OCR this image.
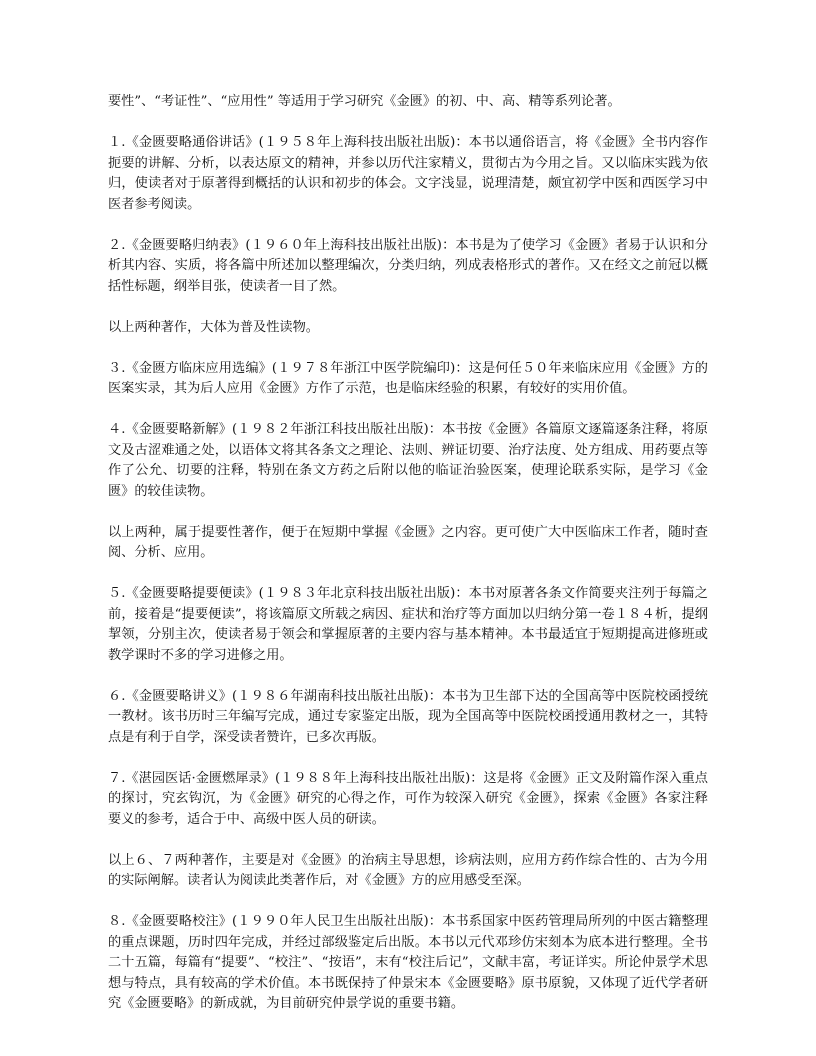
要性”、“考证性”、“应用性” 等适用于学习研究《金匮》的初、中、高、精等系列论著。

１.《金匮要略通俗讲话》(１９５８年上海科技出版社出版)：本书以通俗语言，将《金匮》全书内容作扼要的讲解、分析，以表达原文的精神，并参以历代注家精义，贯彻古为今用之旨。又以临床实践为依归，使读者对于原著得到概括的认识和初步的体会。文字浅显，说理清楚，颇宜初学中医和西医学习中医者参考阅读。

２.《金匮要略归纳表》(１９６０年上海科技出版社出版)：本书是为了使学习《金匮》者易于认识和分析其内容、实质，将各篇中所述加以整理编次，分类归纳，列成表格形式的著作。又在经文之前冠以概括性标题，纲举目张，使读者一目了然。

以上两种著作，大体为普及性读物。

３.《金匮方临床应用选编》(１９７８年浙江中医学院编印)：这是何任５０年来临床应用《金匮》方的医案实录，其为后人应用《金匮》方作了示范，也是临床经验的积累，有较好的实用价值。

４.《金匮要略新解》(１９８２年浙江科技出版社出版)：本书按《金匮》各篇原文逐篇逐条注释，将原文及古涩难通之处，以语体文将其各条文之理论、法则、辨证切要、治疗法度、处方组成、用药要点等作了公允、切要的注释，特别在条文方药之后附以他的临证治验医案，使理论联系实际，是学习《金匮》的较佳读物。

以上两种，属于提要性著作，便于在短期中掌握《金匮》之内容。更可使广大中医临床工作者，随时查阅、分析、应用。

５.《金匮要略提要便读》(１９８３年北京科技出版社出版)：本书对原著各条文作简要夹注列于每篇之前，接着是“提要便读”，将该篇原文所载之病因、症状和治疗等方面加以归纳分第一卷１８４析，提纲挈领，分别主次，使读者易于领会和掌握原著的主要内容与基本精神。本书最适宜于短期提高进修班或教学课时不多的学习进修之用。

６.《金匮要略讲义》(１９８６年湖南科技出版社出版)：本书为卫生部下达的全国高等中医院校函授统一教材。该书历时三年编写完成，通过专家鉴定出版，现为全国高等中医院校函授通用教材之一，其特点是有利于自学，深受读者赞许，已多次再版。

７.《湛园医话·金匮燃犀录》(１９８８年上海科技出版社出版)：这是将《金匮》正文及附篇作深入重点的探讨，究玄钩沉，为《金匮》研究的心得之作，可作为较深入研究《金匮》，探索《金匮》各家注释要义的参考，适合于中、高级中医人员的研读。

以上６、７两种著作，主要是对《金匮》的治病主导思想，诊病法则，应用方药作综合性的、古为今用的实际阐解。读者认为阅读此类著作后，对《金匮》方的应用感受至深。

８.《金匮要略校注》(１９９０年人民卫生出版社出版)：本书系国家中医药管理局所列的中医古籍整理的重点课题，历时四年完成，并经过部级鉴定后出版。本书以元代邓珍仿宋刻本为底本进行整理。全书二十五篇，每篇有“提要”、“校注”、“按语”，末有“校注后记”，文献丰富，考证详实。所论仲景学术思想与特点，具有较高的学术价值。本书既保持了仲景宋本《金匮要略》原书原貌，又体现了近代学者研究《金匮要略》的新成就，为目前研究仲景学说的重要书籍。
